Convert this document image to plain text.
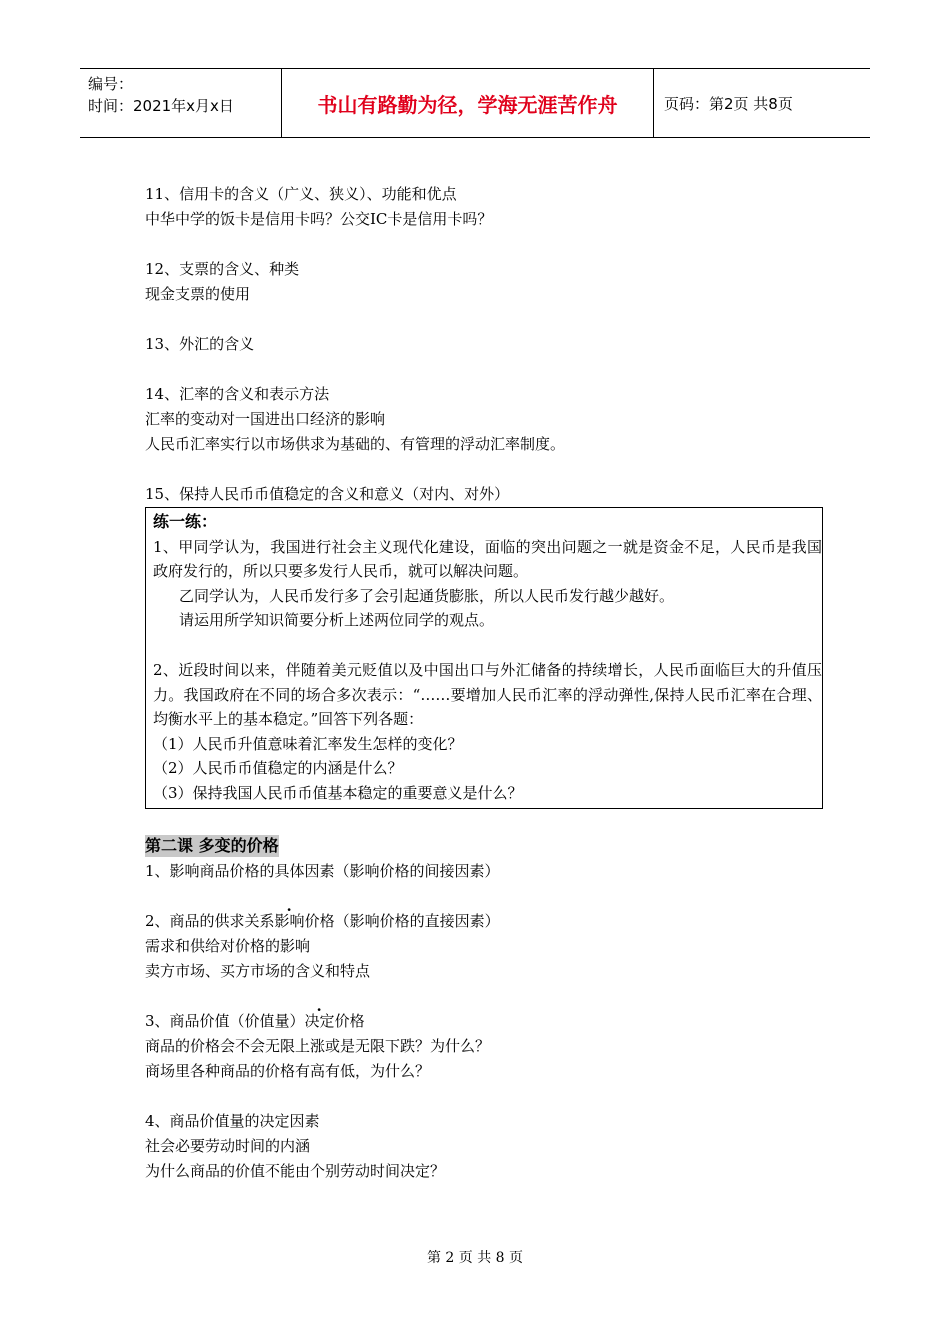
编号：
时间：2021年x月x日	书山有路勤为径，学海无涯苦作舟	页码：第2页 共8页
11、信用卡的含义（广义、狭义）、功能和优点
中华中学的饭卡是信用卡吗？公交IC卡是信用卡吗？
12、支票的含义、种类
现金支票的使用
13、外汇的含义
14、汇率的含义和表示方法
汇率的变动对一国进出口经济的影响
人民币汇率实行以市场供求为基础的、有管理的浮动汇率制度。
15、保持人民币币值稳定的含义和意义（对内、对外）
练一练：
1、甲同学认为，我国进行社会主义现代化建设，面临的突出问题之一就是资金不足，人民币是我国政府发行的，所以只要多发行人民币，就可以解决问题。
乙同学认为，人民币发行多了会引起通货膨胀，所以人民币发行越少越好。
请运用所学知识简要分析上述两位同学的观点。
2、近段时间以来，伴随着美元贬值以及中国出口与外汇储备的持续增长，人民币面临巨大的升值压力。我国政府在不同的场合多次表示：“……要增加人民币汇率的浮动弹性,保持人民币汇率在合理、均衡水平上的基本稳定。”回答下列各题：
（1）人民币升值意味着汇率发生怎样的变化？
（2）人民币币值稳定的内涵是什么？
（3）保持我国人民币币值基本稳定的重要意义是什么？
第二课 多变的价格
1、影响商品价格的具体因素（影响价格的间接因素）
2、商品的供求关系影响价格（影响价格的直接因素）
需求和供给对价格的影响
卖方市场、买方市场的含义和特点
3、商品价值（价值量）决定价格
商品的价格会不会无限上涨或是无限下跌？为什么？
商场里各种商品的价格有高有低，为什么？
4、商品价值量的决定因素
社会必要劳动时间的内涵
为什么商品的价值不能由个别劳动时间决定？
第 2 页 共 8 页
